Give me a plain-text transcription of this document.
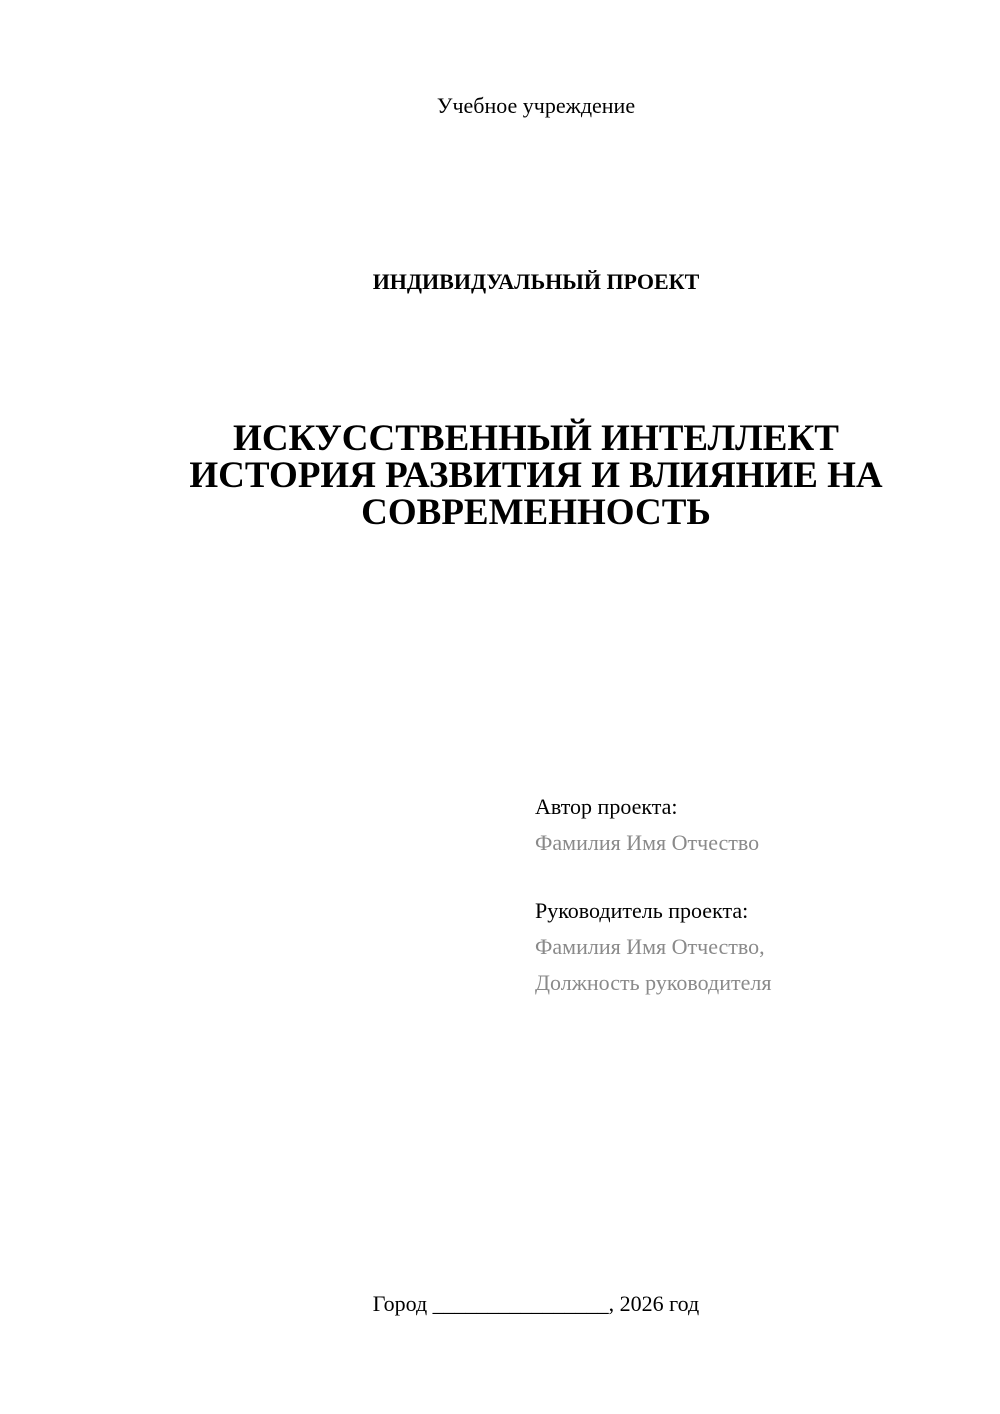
Учебное учреждение
ИНДИВИДУАЛЬНЫЙ ПРОЕКТ
ИСКУССТВЕННЫЙ ИНТЕЛЛЕКТ
ИСТОРИЯ РАЗВИТИЯ И ВЛИЯНИЕ НА
СОВРЕМЕННОСТЬ
Автор проекта:
Фамилия Имя Отчество
Руководитель проекта:
Фамилия Имя Отчество,
Должность руководителя
Город ________________, 2026 год
